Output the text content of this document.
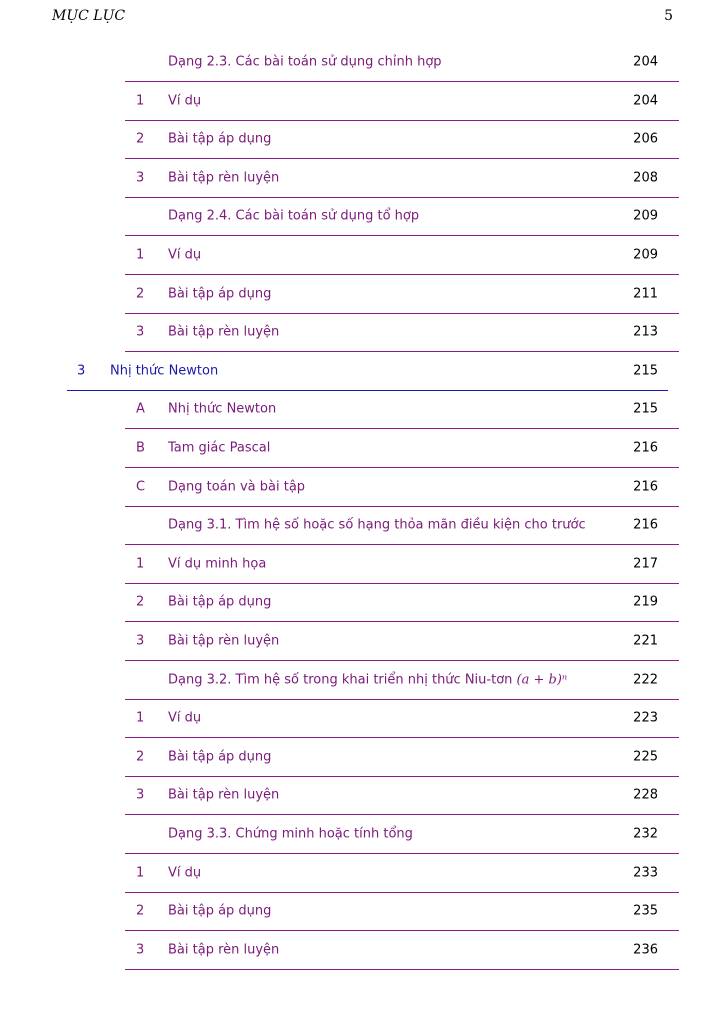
MỤC LỤC	5
Dạng 2.3. Các bài toán sử dụng chỉnh hợp	204
1 Ví dụ	204
2 Bài tập áp dụng	206
3 Bài tập rèn luyện	208
Dạng 2.4. Các bài toán sử dụng tổ hợp	209
1 Ví dụ	209
2 Bài tập áp dụng	211
3 Bài tập rèn luyện	213
3 Nhị thức Newton	215
A Nhị thức Newton	215
B Tam giác Pascal	216
C Dạng toán và bài tập	216
Dạng 3.1. Tìm hệ số hoặc số hạng thỏa mãn điều kiện cho trước	216
1 Ví dụ minh họa	217
2 Bài tập áp dụng	219
3 Bài tập rèn luyện	221
Dạng 3.2. Tìm hệ số trong khai triển nhị thức Niu-tơn (a + b)ⁿ	222
1 Ví dụ	223
2 Bài tập áp dụng	225
3 Bài tập rèn luyện	228
Dạng 3.3. Chứng minh hoặc tính tổng	232
1 Ví dụ	233
2 Bài tập áp dụng	235
3 Bài tập rèn luyện	236
